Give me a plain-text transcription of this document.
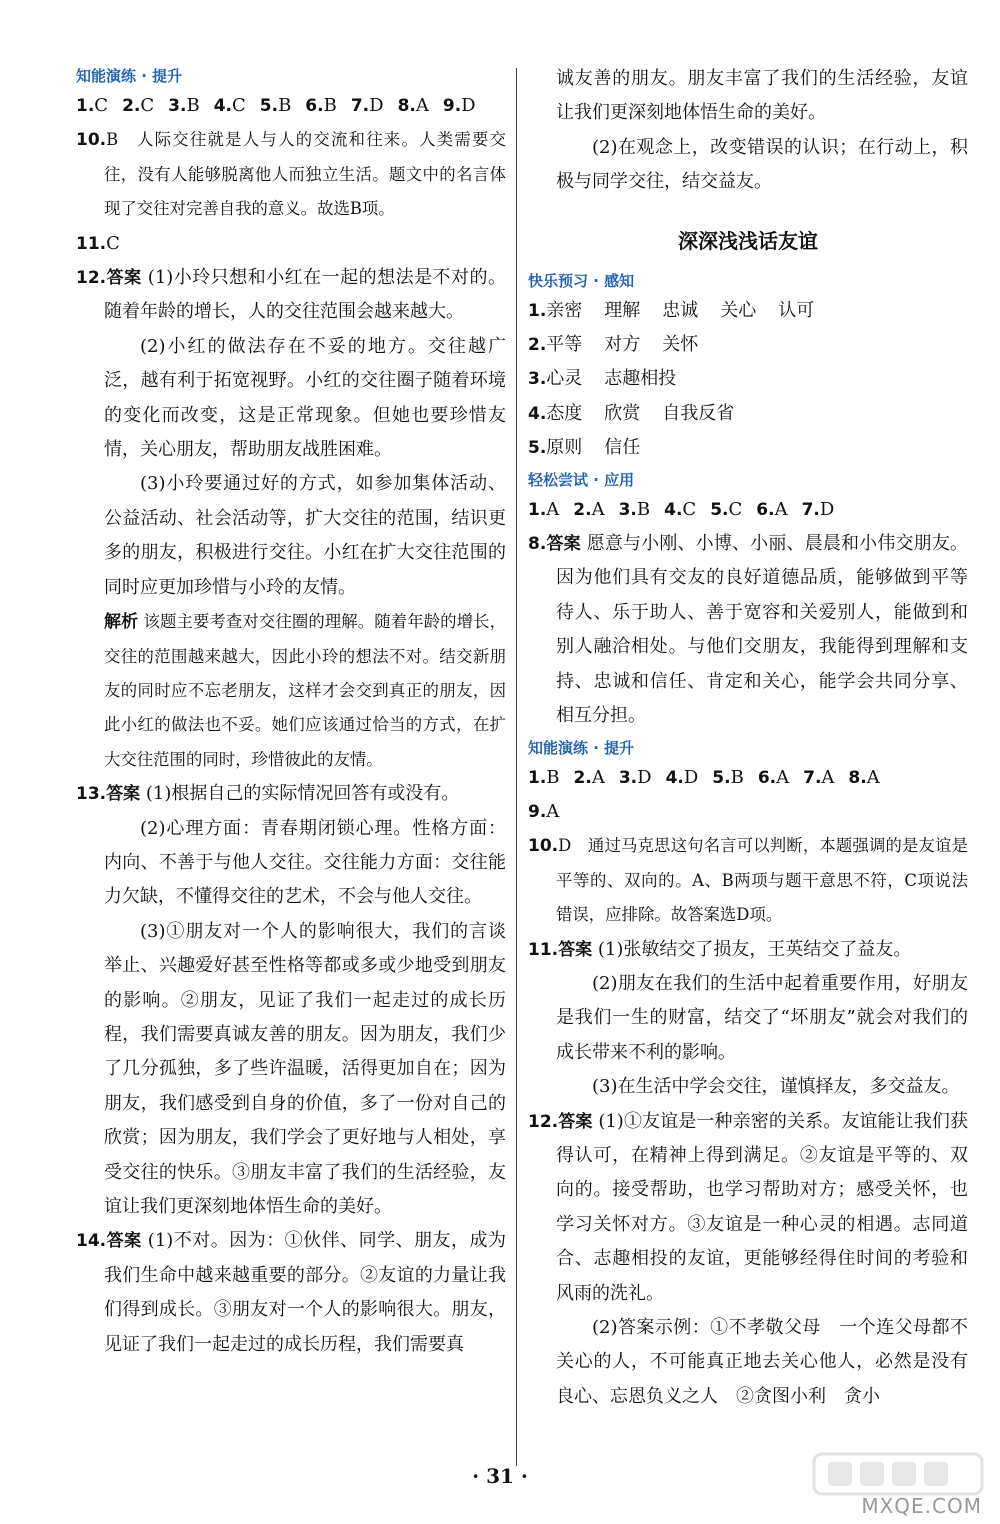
知能演练 · 提升

1.C 2.C 3.B 4.C 5.B 6.B 7.D 8.A 9.D

10.B　人际交往就是人与人的交流和往来。人类需要交往，没有人能够脱离他人而独立生活。题文中的名言体现了交往对完善自我的意义。故选B项。

11.C

12.答案 (1)小玲只想和小红在一起的想法是不对的。随着年龄的增长，人的交往范围会越来越大。

(2)小红的做法存在不妥的地方。交往越广泛，越有利于拓宽视野。小红的交往圈子随着环境的变化而改变，这是正常现象。但她也要珍惜友情，关心朋友，帮助朋友战胜困难。

(3)小玲要通过好的方式，如参加集体活动、公益活动、社会活动等，扩大交往的范围，结识更多的朋友，积极进行交往。小红在扩大交往范围的同时应更加珍惜与小玲的友情。

解析 该题主要考查对交往圈的理解。随着年龄的增长，交往的范围越来越大，因此小玲的想法不对。结交新朋友的同时应不忘老朋友，这样才会交到真正的朋友，因此小红的做法也不妥。她们应该通过恰当的方式，在扩大交往范围的同时，珍惜彼此的友情。

13.答案 (1)根据自己的实际情况回答有或没有。

(2)心理方面：青春期闭锁心理。性格方面：内向、不善于与他人交往。交往能力方面：交往能力欠缺，不懂得交往的艺术，不会与他人交往。

(3)①朋友对一个人的影响很大，我们的言谈举止、兴趣爱好甚至性格等都或多或少地受到朋友的影响。②朋友，见证了我们一起走过的成长历程，我们需要真诚友善的朋友。因为朋友，我们少了几分孤独，多了些许温暖，活得更加自在；因为朋友，我们感受到自身的价值，多了一份对自己的欣赏；因为朋友，我们学会了更好地与人相处，享受交往的快乐。③朋友丰富了我们的生活经验，友谊让我们更深刻地体悟生命的美好。

14.答案 (1)不对。因为：①伙伴、同学、朋友，成为我们生命中越来越重要的部分。②友谊的力量让我们得到成长。③朋友对一个人的影响很大。朋友，见证了我们一起走过的成长历程，我们需要真

诚友善的朋友。朋友丰富了我们的生活经验，友谊让我们更深刻地体悟生命的美好。

(2)在观念上，改变错误的认识；在行动上，积极与同学交往，结交益友。

深深浅浅话友谊
快乐预习 · 感知

1.亲密 理解 忠诚 关心 认可

2.平等 对方 关怀

3.心灵 志趣相投

4.态度 欣赏 自我反省

5.原则 信任

轻松尝试 · 应用

1.A 2.A 3.B 4.C 5.C 6.A 7.D

8.答案 愿意与小刚、小博、小丽、晨晨和小伟交朋友。因为他们具有交友的良好道德品质，能够做到平等待人、乐于助人、善于宽容和关爱别人，能做到和别人融洽相处。与他们交朋友，我能得到理解和支持、忠诚和信任、肯定和关心，能学会共同分享、相互分担。

知能演练 · 提升

1.B 2.A 3.D 4.D 5.B 6.A 7.A 8.A

9.A

10.D　通过马克思这句名言可以判断，本题强调的是友谊是平等的、双向的。A、B两项与题干意思不符，C项说法错误，应排除。故答案选D项。

11.答案 (1)张敏结交了损友，王英结交了益友。

(2)朋友在我们的生活中起着重要作用，好朋友是我们一生的财富，结交了“坏朋友”就会对我们的成长带来不利的影响。

(3)在生活中学会交往，谨慎择友，多交益友。

12.答案 (1)①友谊是一种亲密的关系。友谊能让我们获得认可，在精神上得到满足。②友谊是平等的、双向的。接受帮助，也学习帮助对方；感受关怀，也学习关怀对方。③友谊是一种心灵的相遇。志同道合、志趣相投的友谊，更能够经得住时间的考验和风雨的洗礼。

(2)答案示例：①不孝敬父母　一个连父母都不关心的人，不可能真正地去关心他人，必然是没有良心、忘恩负义之人　②贪图小利　贪小

· 31 ·
MXQE.COM
